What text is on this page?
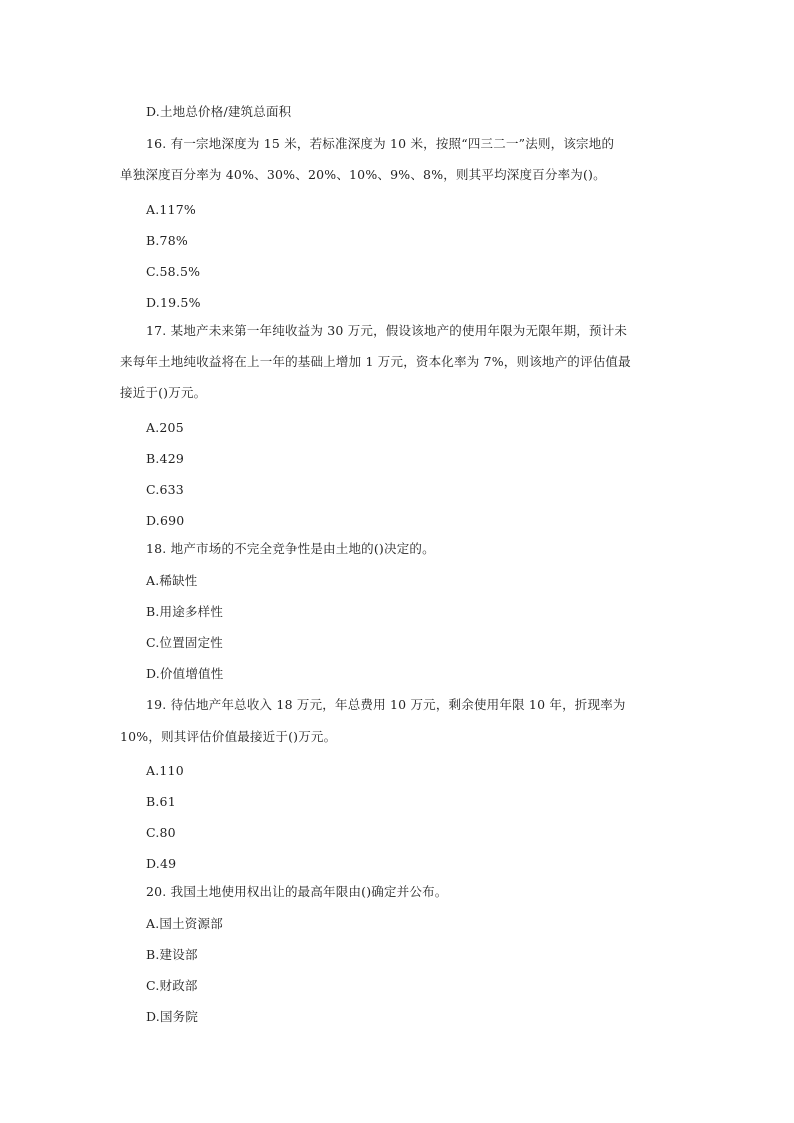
D.土地总价格/建筑总面积
16. 有一宗地深度为 15 米，若标准深度为 10 米，按照“四三二一”法则，该宗地的
单独深度百分率为 40%、30%、20%、10%、9%、8%，则其平均深度百分率为()。
A.117%
B.78%
C.58.5%
D.19.5%
17. 某地产未来第一年纯收益为 30 万元，假设该地产的使用年限为无限年期，预计未
来每年土地纯收益将在上一年的基础上增加 1 万元，资本化率为 7%，则该地产的评估值最
接近于()万元。
A.205
B.429
C.633
D.690
18. 地产市场的不完全竞争性是由土地的()决定的。
A.稀缺性
B.用途多样性
C.位置固定性
D.价值增值性
19. 待估地产年总收入 18 万元，年总费用 10 万元，剩余使用年限 10 年，折现率为
10%，则其评估价值最接近于()万元。
A.110
B.61
C.80
D.49
20. 我国土地使用权出让的最高年限由()确定并公布。
A.国土资源部
B.建设部
C.财政部
D.国务院
